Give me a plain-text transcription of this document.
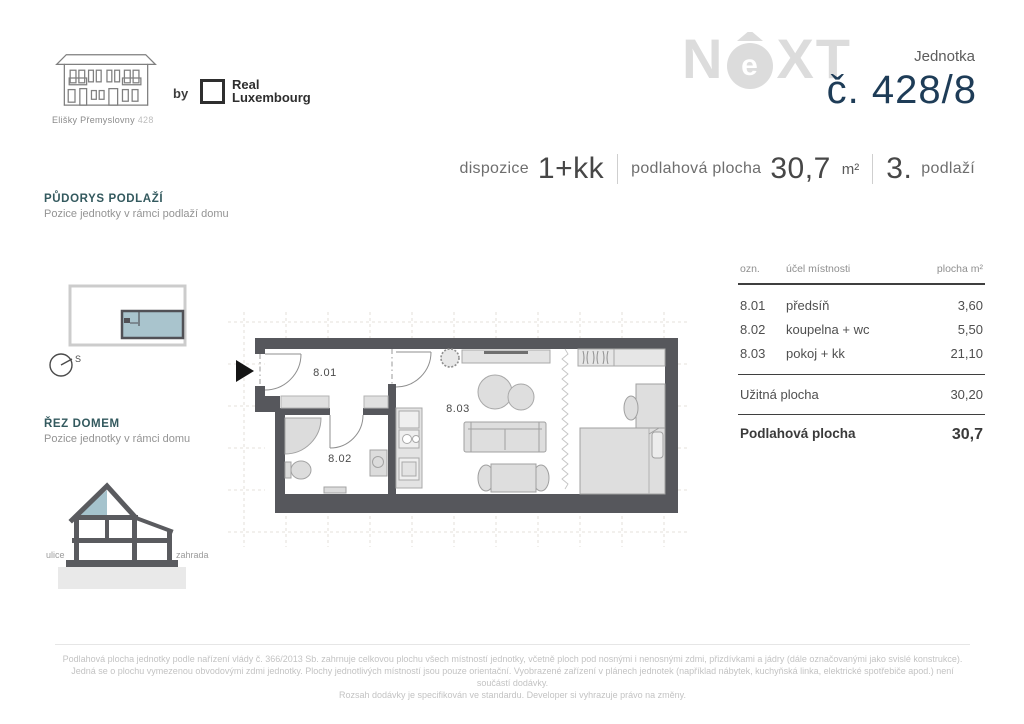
Elišky Přemyslovny 428
by
Real
Luxembourg
N e XT	Jednotka
č. 428/8
dispozice 1+kk podlahová plocha 30,7 m² 3. podlaží
PŮDORYS PODLAŽÍ
Pozice jednotky v rámci podlaží domu
S
ŘEZ DOMEM
Pozice jednotky v rámci domu
ulice	zahrada
8.01
8.02
8.03
ozn.	účel místnosti	plocha m²
8.01	předsíň	3,60
8.02	koupelna + wc	5,50
8.03	pokoj + kk	21,10
Užitná plocha	30,20
Podlahová plocha	30,7
Podlahová plocha jednotky podle nařízení vlády č. 366/2013 Sb. zahrnuje celkovou plochu všech místností jednotky, včetně ploch pod nosnými i nenosnými zdmi, přizdívkami a jádry (dále označovanými jako svislé konstrukce).
Jedná se o plochu vymezenou obvodovými zdmi jednotky. Plochy jednotlivých místností jsou pouze orientační. Vyobrazené zařízení v plánech jednotek (například nábytek, kuchyňská linka, elektrické spotřebiče apod.) není součástí dodávky.
Rozsah dodávky je specifikován ve standardu. Developer si vyhrazuje právo na změny.
